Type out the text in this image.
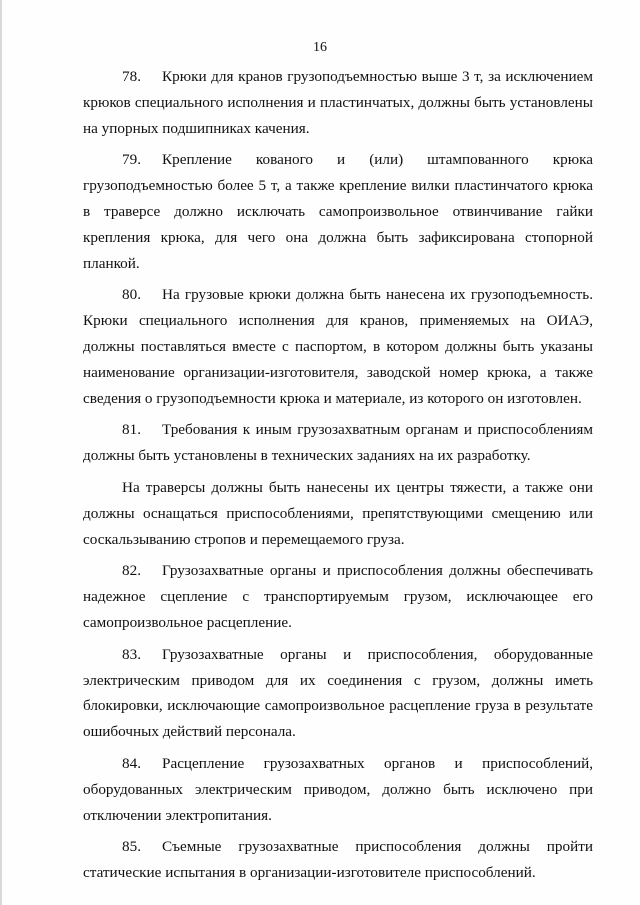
16

78. Крюки для кранов грузоподъемностью выше 3 т, за исключением крюков специального исполнения и пластинчатых, должны быть установлены на упорных подшипниках качения.

79. Крепление кованого и (или) штампованного крюка грузоподъемностью более 5 т, а также крепление вилки пластинчатого крюка в траверсе должно исключать самопроизвольное отвинчивание гайки крепления крюка, для чего она должна быть зафиксирована стопорной планкой.

80. На грузовые крюки должна быть нанесена их грузоподъемность. Крюки специального исполнения для кранов, применяемых на ОИАЭ, должны поставляться вместе с паспортом, в котором должны быть указаны наименование организации-изготовителя, заводской номер крюка, а также сведения о грузоподъемности крюка и материале, из которого он изготовлен.

81. Требования к иным грузозахватным органам и приспособлениям должны быть установлены в технических заданиях на их разработку.

На траверсы должны быть нанесены их центры тяжести, а также они должны оснащаться приспособлениями, препятствующими смещению или соскальзыванию стропов и перемещаемого груза.

82. Грузозахватные органы и приспособления должны обеспечивать надежное сцепление с транспортируемым грузом, исключающее его самопроизвольное расцепление.

83. Грузозахватные органы и приспособления, оборудованные электрическим приводом для их соединения с грузом, должны иметь блокировки, исключающие самопроизвольное расцепление груза в результате ошибочных действий персонала.

84. Расцепление грузозахватных органов и приспособлений, оборудованных электрическим приводом, должно быть исключено при отключении электропитания.

85. Съемные грузозахватные приспособления должны пройти статические испытания в организации-изготовителе приспособлений.
